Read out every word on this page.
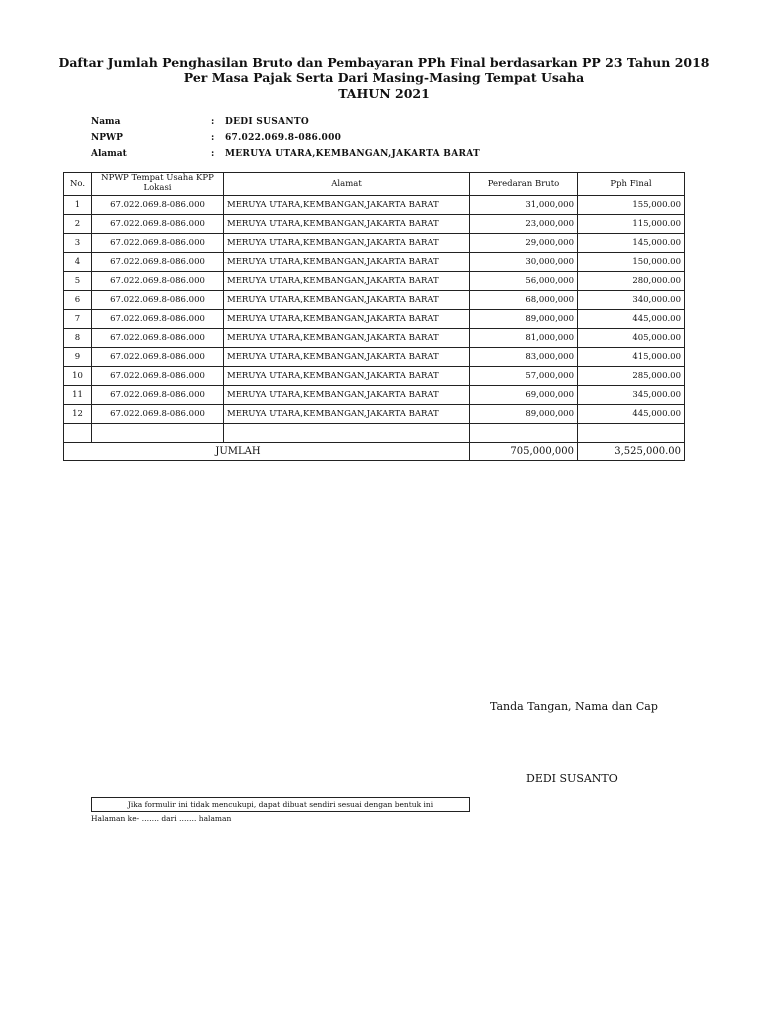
Daftar Jumlah Penghasilan Bruto dan Pembayaran PPh Final berdasarkan PP 23 Tahun 2018
Per Masa Pajak Serta Dari Masing-Masing Tempat Usaha
TAHUN 2021
Nama	: DEDI SUSANTO
NPWP	: 67.022.069.8-086.000
Alamat	: MERUYA UTARA,KEMBANGAN,JAKARTA BARAT
No.	NPWP Tempat Usaha KPP Lokasi	Alamat	Peredaran Bruto	Pph Final
1	67.022.069.8-086.000	MERUYA UTARA,KEMBANGAN,JAKARTA BARAT	31,000,000	155,000.00
2	67.022.069.8-086.000	MERUYA UTARA,KEMBANGAN,JAKARTA BARAT	23,000,000	115,000.00
3	67.022.069.8-086.000	MERUYA UTARA,KEMBANGAN,JAKARTA BARAT	29,000,000	145,000.00
4	67.022.069.8-086.000	MERUYA UTARA,KEMBANGAN,JAKARTA BARAT	30,000,000	150,000.00
5	67.022.069.8-086.000	MERUYA UTARA,KEMBANGAN,JAKARTA BARAT	56,000,000	280,000.00
6	67.022.069.8-086.000	MERUYA UTARA,KEMBANGAN,JAKARTA BARAT	68,000,000	340,000.00
7	67.022.069.8-086.000	MERUYA UTARA,KEMBANGAN,JAKARTA BARAT	89,000,000	445,000.00
8	67.022.069.8-086.000	MERUYA UTARA,KEMBANGAN,JAKARTA BARAT	81,000,000	405,000.00
9	67.022.069.8-086.000	MERUYA UTARA,KEMBANGAN,JAKARTA BARAT	83,000,000	415,000.00
10	67.022.069.8-086.000	MERUYA UTARA,KEMBANGAN,JAKARTA BARAT	57,000,000	285,000.00
11	67.022.069.8-086.000	MERUYA UTARA,KEMBANGAN,JAKARTA BARAT	69,000,000	345,000.00
12	67.022.069.8-086.000	MERUYA UTARA,KEMBANGAN,JAKARTA BARAT	89,000,000	445,000.00

JUMLAH			705,000,000	3,525,000.00
Tanda Tangan, Nama dan Cap
DEDI SUSANTO
Jika formulir ini tidak mencukupi, dapat dibuat sendiri sesuai dengan bentuk ini
Halaman ke- ……. dari ……. halaman
